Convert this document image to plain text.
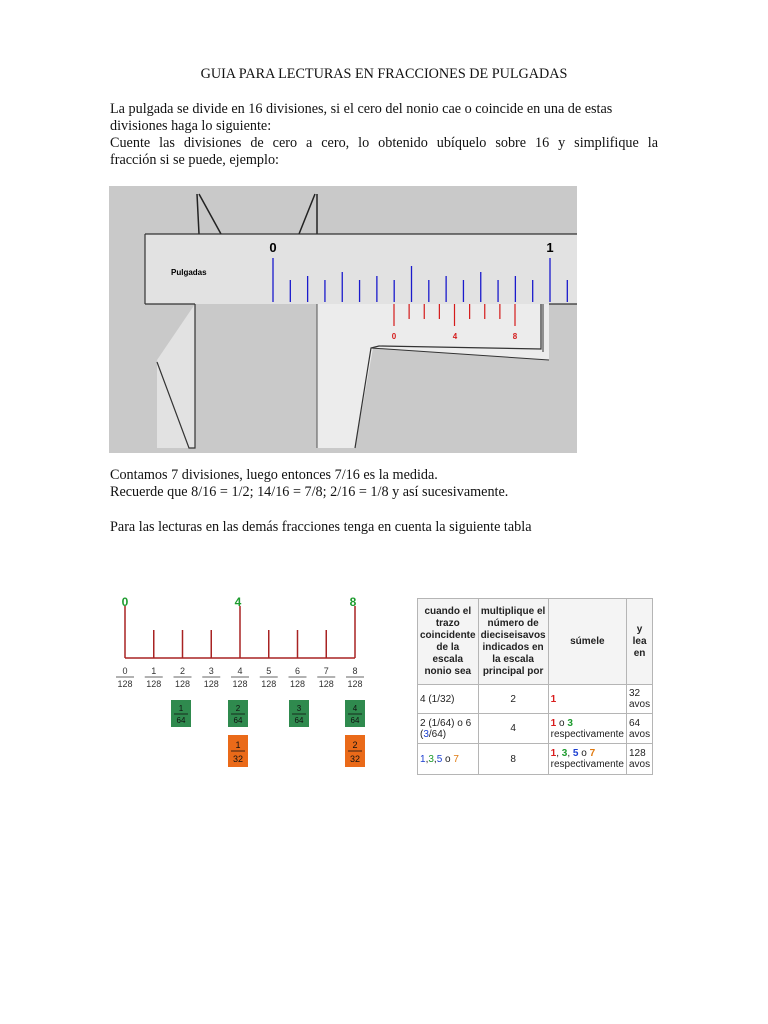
GUIA PARA LECTURAS EN FRACCIONES DE PULGADAS

La pulgada se divide en 16 divisiones, si el cero del nonio cae o coincide en una de estas
divisiones haga lo siguiente:
Cuente las divisiones de cero a cero, lo obtenido ubíquelo sobre 16 y simplifique la
fracción si se puede, ejemplo:

Pulgadas
0	1
0	4	8

Contamos 7 divisiones, luego entonces 7/16 es la medida.
Recuerde que 8/16 = 1/2; 14/16 = 7/8; 2/16 = 1/8 y así sucesivamente.

Para las lecturas en las demás fracciones tenga en cuenta la siguiente tabla

0	4	8
0
128
1
128
2
128
3
128
4
128
5
128
6
128
7
128
8
128
1
64
2
64
3
64
4
64
1
32
2
32
cuando el trazo coincidente de la escala nonio sea	multiplique el número de dieciseisavos indicados en la escala principal por	súmele	y lea en
4 (1/32)	2	1	32 avos
2 (1/64) o 6 (3/64)	4	1 o 3
respectivamente	64 avos
1,3,5 o 7	8	1, 3, 5 o 7
respectivamente	128 avos
